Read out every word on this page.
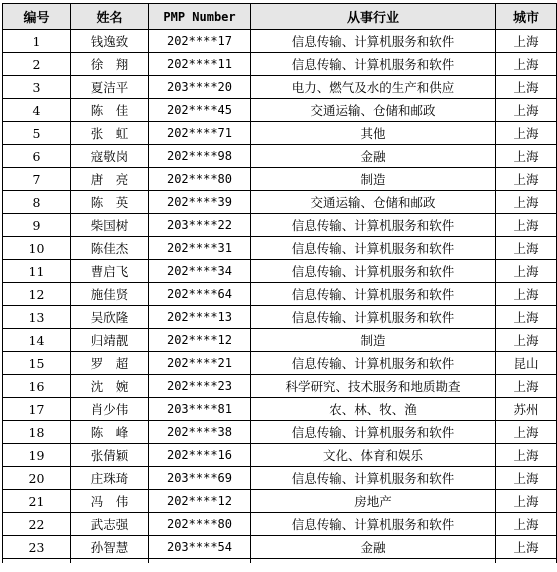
编号	姓名	PMP Number	从事行业	城市
1	钱逸致	202****17	信息传输、计算机服务和软件	上海
2	徐　翔	202****11	信息传输、计算机服务和软件	上海
3	夏洁平	203****20	电力、燃气及水的生产和供应	上海
4	陈　佳	202****45	交通运输、仓储和邮政	上海
5	张　虹	202****71	其他	上海
6	寇敬岗	202****98	金融	上海
7	唐　亮	202****80	制造	上海
8	陈　英	202****39	交通运输、仓储和邮政	上海
9	柴国树	203****22	信息传输、计算机服务和软件	上海
10	陈佳杰	202****31	信息传输、计算机服务和软件	上海
11	曹启飞	202****34	信息传输、计算机服务和软件	上海
12	施佳贤	202****64	信息传输、计算机服务和软件	上海
13	吴欣隆	202****13	信息传输、计算机服务和软件	上海
14	归靖靓	202****12	制造	上海
15	罗　超	202****21	信息传输、计算机服务和软件	昆山
16	沈　婉	202****23	科学研究、技术服务和地质勘查	上海
17	肖少伟	203****81	农、林、牧、渔	苏州
18	陈　峰	202****38	信息传输、计算机服务和软件	上海
19	张倩颖	202****16	文化、体育和娱乐	上海
20	庄珠琦	203****69	信息传输、计算机服务和软件	上海
21	冯　伟	202****12	房地产	上海
22	武志强	202****80	信息传输、计算机服务和软件	上海
23	孙智慧	203****54	金融	上海
